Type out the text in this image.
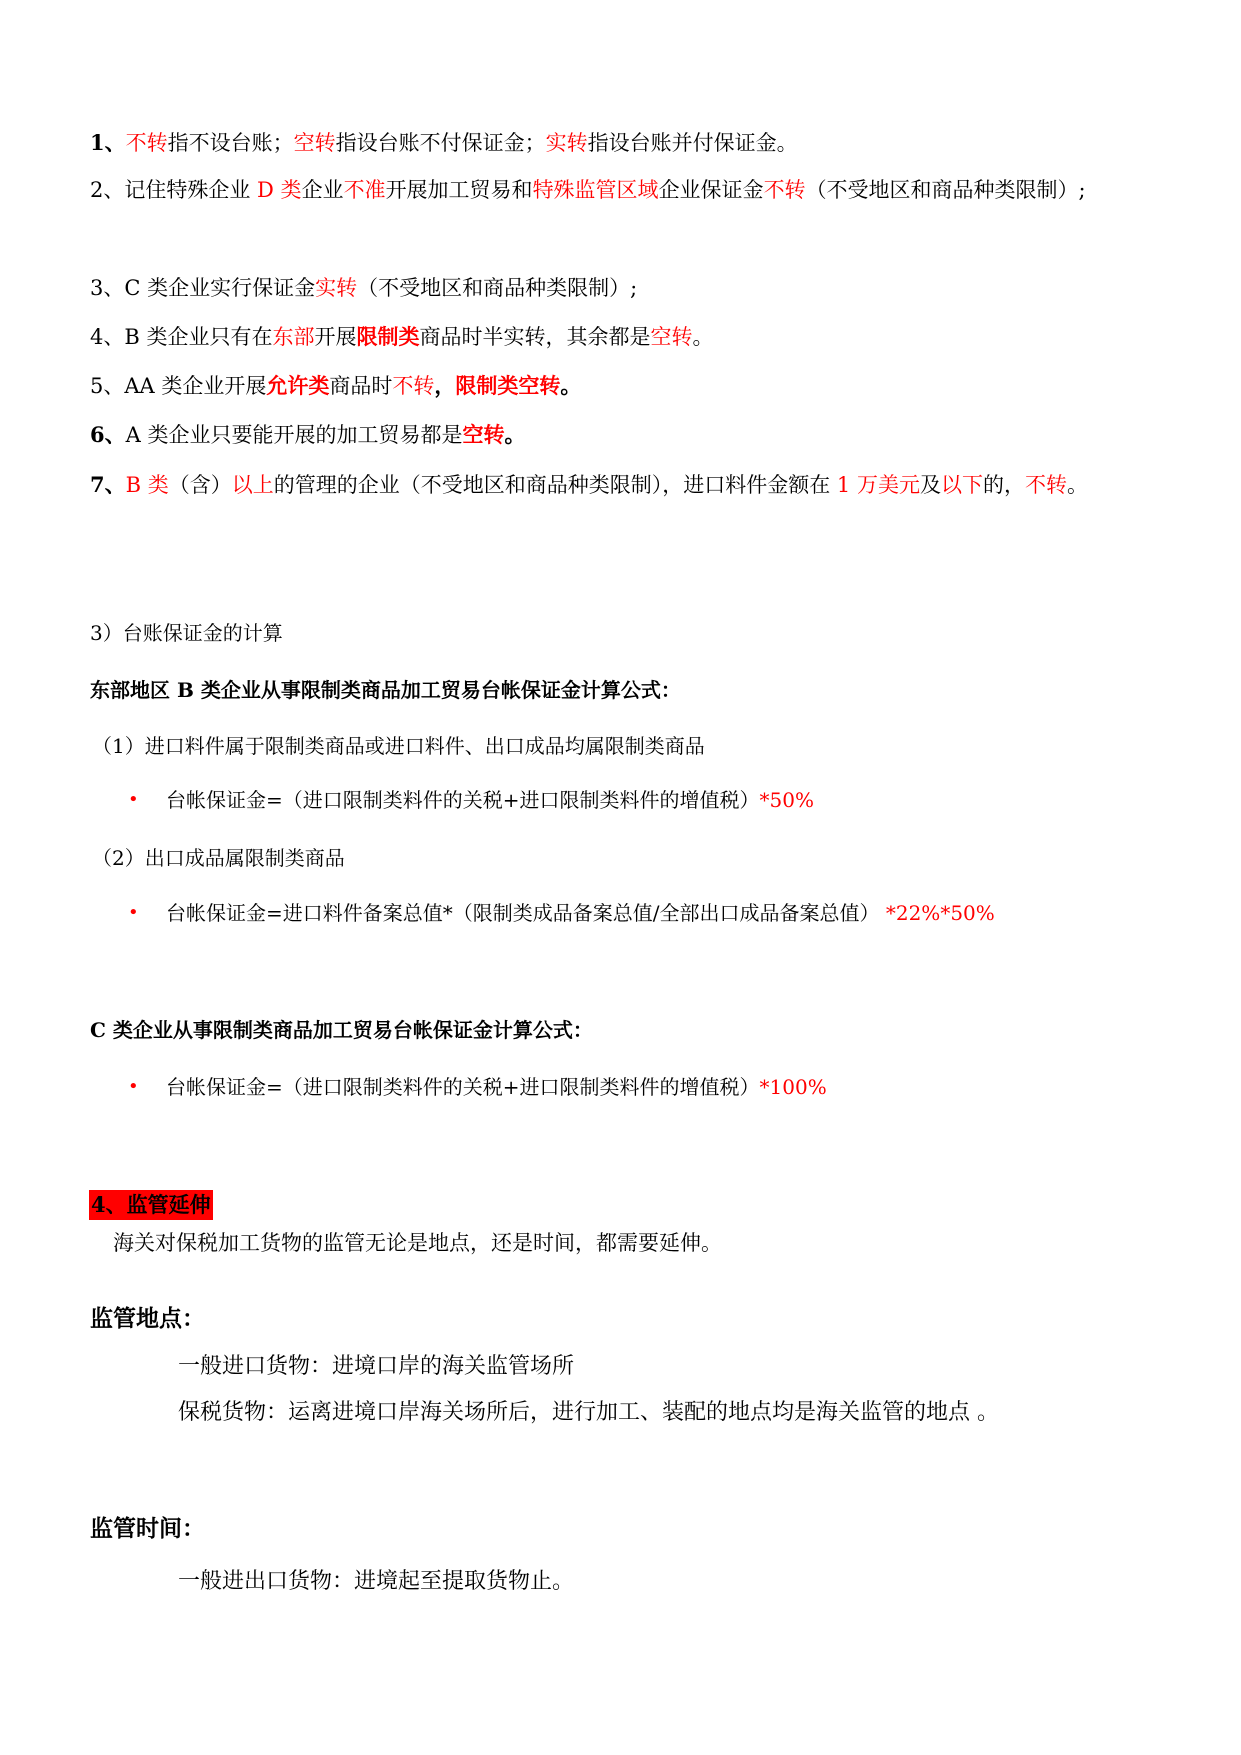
1、不转指不设台账；空转指设台账不付保证金；实转指设台账并付保证金。
2、记住特殊企业 D 类企业不准开展加工贸易和特殊监管区域企业保证金不转（不受地区和商品种类限制）;
3、C 类企业实行保证金实转（不受地区和商品种类限制）;
4、B 类企业只有在东部开展限制类商品时半实转，其余都是空转。
5、AA 类企业开展允许类商品时不转，限制类空转。
6、A 类企业只要能开展的加工贸易都是空转。
7、B 类（含）以上的管理的企业（不受地区和商品种类限制），进口料件金额在 1 万美元及以下的，不转。
3）台账保证金的计算
东部地区 B 类企业从事限制类商品加工贸易台帐保证金计算公式：
（1）进口料件属于限制类商品或进口料件、出口成品均属限制类商品
• 台帐保证金=（进口限制类料件的关税+进口限制类料件的增值税）*50%
（2）出口成品属限制类商品
• 台帐保证金=进口料件备案总值*（限制类成品备案总值/全部出口成品备案总值） *22%*50%
C 类企业从事限制类商品加工贸易台帐保证金计算公式：
• 台帐保证金=（进口限制类料件的关税+进口限制类料件的增值税）*100%
4、监管延伸
海关对保税加工货物的监管无论是地点，还是时间，都需要延伸。
监管地点：
一般进口货物：进境口岸的海关监管场所
保税货物：运离进境口岸海关场所后，进行加工、装配的地点均是海关监管的地点 。
监管时间：
一般进出口货物：进境起至提取货物止。
